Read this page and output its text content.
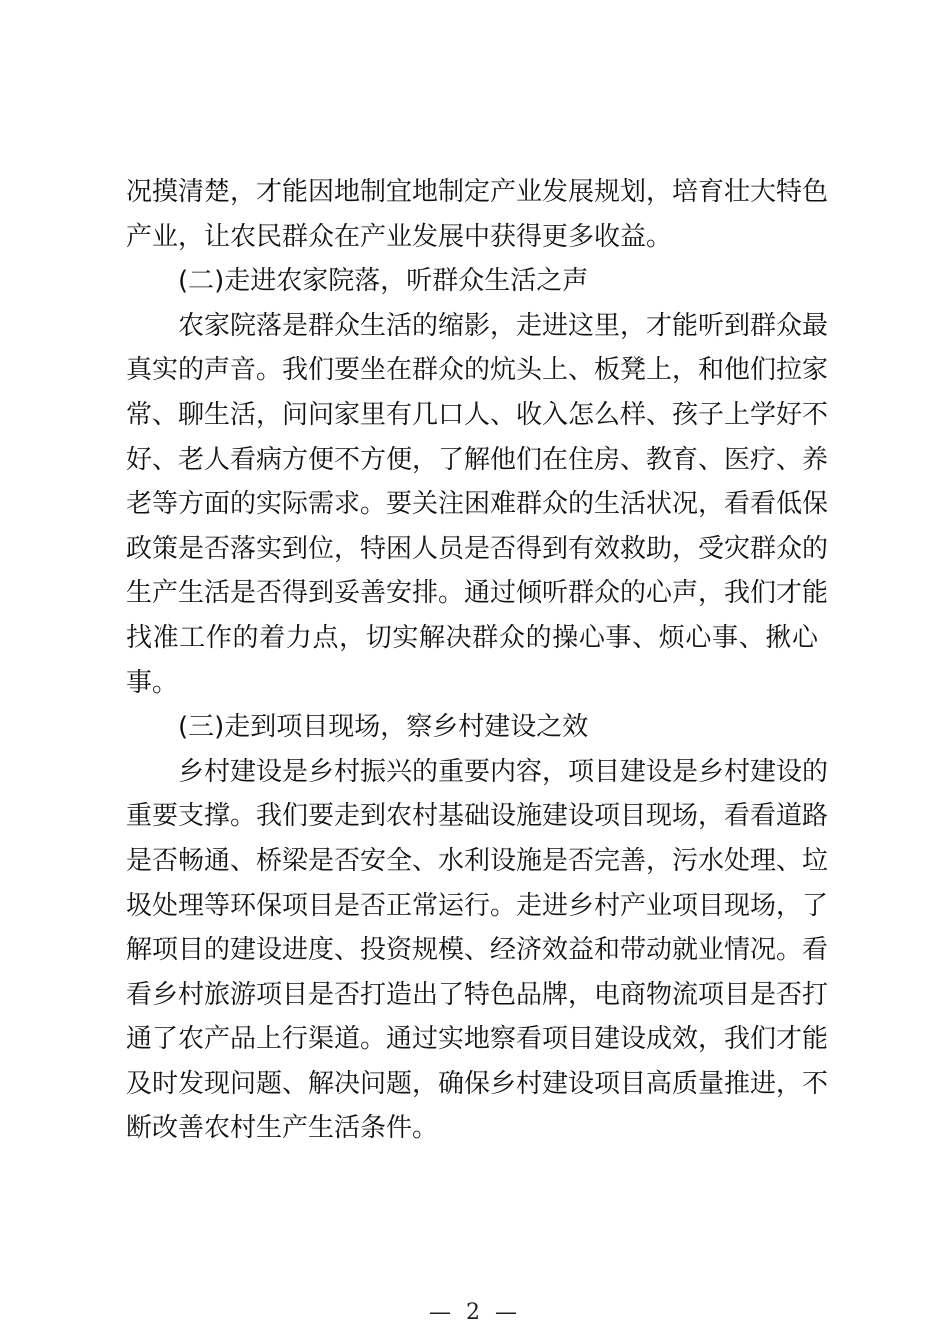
况摸清楚，才能因地制宜地制定产业发展规划，培育壮大特色
产业，让农民群众在产业发展中获得更多收益。
(二)走进农家院落，听群众生活之声
农家院落是群众生活的缩影，走进这里，才能听到群众最
真实的声音。我们要坐在群众的炕头上、板凳上，和他们拉家
常、聊生活，问问家里有几口人、收入怎么样、孩子上学好不
好、老人看病方便不方便，了解他们在住房、教育、医疗、养
老等方面的实际需求。要关注困难群众的生活状况，看看低保
政策是否落实到位，特困人员是否得到有效救助，受灾群众的
生产生活是否得到妥善安排。通过倾听群众的心声，我们才能
找准工作的着力点，切实解决群众的操心事、烦心事、揪心
事。
(三)走到项目现场，察乡村建设之效
乡村建设是乡村振兴的重要内容，项目建设是乡村建设的
重要支撑。我们要走到农村基础设施建设项目现场，看看道路
是否畅通、桥梁是否安全、水利设施是否完善，污水处理、垃
圾处理等环保项目是否正常运行。走进乡村产业项目现场，了
解项目的建设进度、投资规模、经济效益和带动就业情况。看
看乡村旅游项目是否打造出了特色品牌，电商物流项目是否打
通了农产品上行渠道。通过实地察看项目建设成效，我们才能
及时发现问题、解决问题，确保乡村建设项目高质量推进，不
断改善农村生产生活条件。
— 2 —
